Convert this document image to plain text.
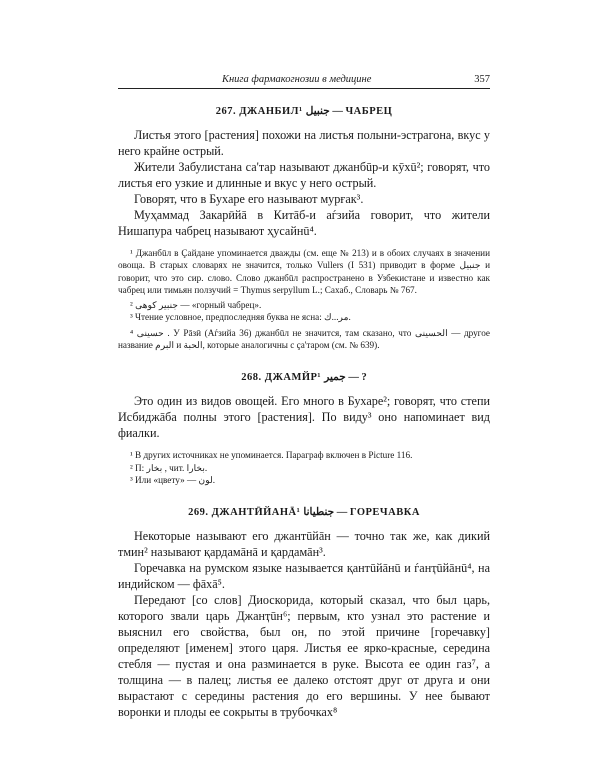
Книга фармакогнозии в медицине	357
267. ДЖАНБИЛ¹ جنبيل — ЧАБРЕЦ

Листья этого [растения] похожи на листья полыни-эстрагона, вкус у него крайне острый.

Жители Забулистана са'тар называют джанбūр-и кӯхū²; говорят, что листья его узкие и длинные и вкус у него острый.

Говорят, что в Бухаре его называют мурғак³.

Муҳаммад Закарӣйā в Китāб-и аѓзийа говорит, что жители Нишапура чабрец называют ҳусайнū⁴.

¹ Джанбūл в Ҫайдане упоминается дважды (см. еще № 213) и в обоих случаях в значении овоща. В старых словарях не значится, только Vullers (I 531) приводит в форме جنبيل и говорит, что это сир. слово. Слово джанбūл распространено в Узбекистане и известно как чабрец или тимьян ползучий = Thymus serpyllum L.; Сахаб., Словарь № 767.

² جنبير كوهى — «горный чабрец».

³ Чтение условное, предпоследняя буква не ясна: مر...ك.

⁴ حسينى . У Рāзӣ (Аѓзийа 36) джанбūл не значится, там сказано, что الحسينى — другое название البرم и الحبة, которые аналогичны с ҫа'таром (см. № 639).

268. ДЖАМЙР¹ جمير — ?

Это один из видов овощей. Его много в Бухаре²; говорят, что степи Исбиджāба полны этого [растения]. По виду³ оно напоминает вид фиалки.

¹ В других источниках не упоминается. Параграф включен в Picture 116.

² П: بخار , чит. بخارا.

³ Или «цвету» — لون.

269. ДЖАНТӢЙАНĀ¹ جنطيانا — ГОРЕЧАВКА

Некоторые называют его джантūйāн — точно так же, как дикий тмин² называют қардамāнā и қардамāн³.

Горечавка на румском языке называется қантūйāнū и ѓанҭūйāнū⁴, на индийском — фāхā⁵.

Передают [со слов] Диоскорида, который сказал, что был царь, которого звали царь Джанҭūн⁶; первым, кто узнал это растение и выяснил его свойства, был он, по этой причине [горечавку] определяют [именем] этого царя. Листья ее ярко-красные, середина стебля — пустая и она разминается в руке. Высота ее один газ⁷, а толщина — в палец; листья ее далеко отстоят друг от друга и они вырастают с середины растения до его вершины. У нее бывают воронки и плоды ее сокрыты в трубочках⁸
